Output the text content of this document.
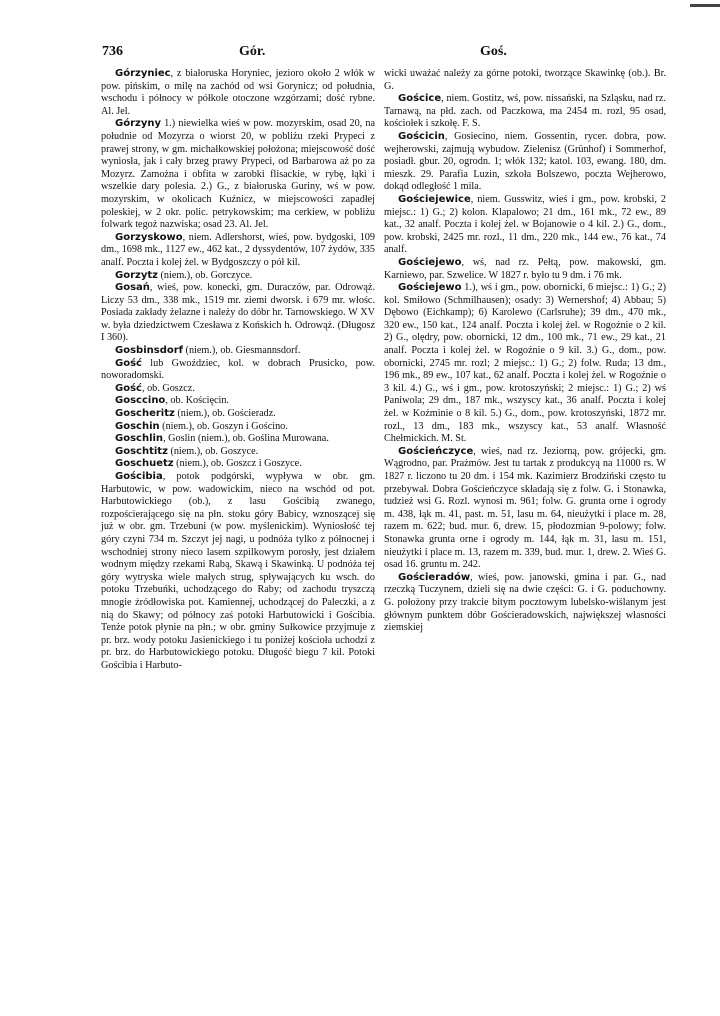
736	Gór.	Goś.

Górzyniec, z białoruska Horyniec, jezioro około 2 włók w pow. pińskim, o milę na zachód od wsi Gorynicz; od południa, wschodu i północy w półkole otoczone wzgórzami; dość rybne. Al. Jel.

Górzyny 1.) niewielka wieś w pow. mozyrskim, osad 20, na południe od Mozyrza o wiorst 20, w pobliżu rzeki Prypeci z prawej strony, w gm. michałkowskiej położona; miejscowość dość wyniosła, jak i cały brzeg prawy Prypeci, od Barbarowa aż po za Mozyrz. Zamożna i obfita w zarobki flisackie, w rybę, łąki i wszelkie dary polesia. 2.) G., z białoruska Guriny, wś w pow. mozyrskim, w okolicach Kuźnicz, w miejscowości zapadłej poleskiej, w 2 okr. polic. petrykowskim; ma cerkiew, w pobliżu folwark tegoż nazwiska; osad 23. Al. Jel.

Gorzyskowo, niem. Adlershorst, wieś, pow. bydgoski, 109 dm., 1698 mk., 1127 ew., 462 kat., 2 dyssydentów, 107 żydów, 335 analf. Poczta i kolej żel. w Bydgoszczy o pół kil.

Gorzytz (niem.), ob. Gorczyce.

Gosań, wieś, pow. konecki, gm. Duraczów, par. Odrowąż. Liczy 53 dm., 338 mk., 1519 mr. ziemi dworsk. i 679 mr. włośc. Posiada zakłady żelazne i należy do dóbr hr. Tarnowskiego. W XV w. była dziedzictwem Czesława z Końskich h. Odrowąż. (Długosz I 360).

Gosbinsdorf (niem.), ob. Giesmannsdorf.

Gość lub Gwoździec, kol. w dobrach Prusicko, pow. noworadomski.

Gość, ob. Goszcz.

Gosccino, ob. Kościęcin.

Goscheritz (niem.), ob. Gościeradz.

Goschin (niem.), ob. Goszyn i Gościno.

Goschlin, Goslin (niem.), ob. Goślina Murowana.

Goschtitz (niem.), ob. Goszyce.

Goschuetz (niem.), ob. Goszcz i Goszyce.

Gościbia, potok podgórski, wypływa w obr. gm. Harbutowic, w pow. wadowickim, nieco na wschód od pot. Harbutowickiego (ob.), z lasu Gościbią zwanego, rozpościerającego się na płn. stoku góry Babicy, wznoszącej się już w obr. gm. Trzebuni (w pow. myślenickim). Wyniosłość tej góry czyni 734 m. Szczyt jej nagi, u podnóża tylko z północnej i wschodniej strony nieco lasem szpilkowym porosły, jest działem wodnym między rzekami Rabą, Skawą i Skawinką. U podnóża tej góry wytryska wiele małych strug, spływających ku wsch. do potoku Trzebuńki, uchodzącego do Raby; od zachodu tryszczą mnogie źródłowiska pot. Kamiennej, uchodzącej do Paleczki, a z nią do Skawy; od północy zaś potoki Harbutowicki i Gościbia. Tenże potok płynie na płn.; w obr. gminy Sułkowice przyjmuje z pr. brz. wody potoku Jasienickiego i tu poniżej kościoła uchodzi z pr. brz. do Harbutowickiego potoku. Długość biegu 7 kil. Potoki Gościbia i Harbuto-

wicki uważać należy za górne potoki, tworzące Skawinkę (ob.). Br. G.

Gościce, niem. Gostitz, wś, pow. nissański, na Szląsku, nad rz. Tarnawą, na płd. zach. od Paczkowa, ma 2454 m. rozl, 95 osad, kościołek i szkołę. F. S.

Gościcin, Gosiecino, niem. Gossentin, rycer. dobra, pow. wejherowski, zajmują wybudow. Zielenisz (Grünhof) i Sommerhof, posiadł. gbur. 20, ogrodn. 1; włók 132; katol. 103, ewang. 180, dm. mieszk. 29. Parafia Luzin, szkoła Bolszewo, poczta Wejherowo, dokąd odległość 1 mila.

Gościejewice, niem. Gusswitz, wieś i gm., pow. krobski, 2 miejsc.: 1) G.; 2) kolon. Klapalowo; 21 dm., 161 mk., 72 ew., 89 kat., 32 analf. Poczta i kolej żel. w Bojanowie o 4 kil. 2.) G., dom., pow. krobski, 2425 mr. rozl., 11 dm., 220 mk., 144 ew., 76 kat., 74 analf.

Gościejewo, wś, nad rz. Pełtą, pow. makowski, gm. Karniewo, par. Szwelice. W 1827 r. było tu 9 dm. i 76 mk.

Gościejewo 1.), wś i gm., pow. obornicki, 6 miejsc.: 1) G.; 2) kol. Smiłowo (Schmilhausen); osady: 3) Wernershof; 4) Abbau; 5) Dębowo (Eichkamp); 6) Karolewo (Carlsruhe); 39 dm., 470 mk., 320 ew., 150 kat., 124 analf. Poczta i kolej żel. w Rogoźnie o 2 kil. 2) G., olędry, pow. obornicki, 12 dm., 100 mk., 71 ew., 29 kat., 21 analf. Poczta i kolej żel. w Rogoźnie o 9 kil. 3.) G., dom., pow. obornicki, 2745 mr. rozl; 2 miejsc.: 1) G.; 2) folw. Ruda; 13 dm., 196 mk., 89 ew., 107 kat., 62 analf. Poczta i kolej żel. w Rogoźnie o 3 kil. 4.) G., wś i gm., pow. krotoszyński; 2 miejsc.: 1) G.; 2) wś Paniwola; 29 dm., 187 mk., wszyscy kat., 36 analf. Poczta i kolej żel. w Koźminie o 8 kil. 5.) G., dom., pow. krotoszyński, 1872 mr. rozl., 13 dm., 183 mk., wszyscy kat., 53 analf. Własność Chełmickich. M. St.

Gościeńczyce, wieś, nad rz. Jeziorną, pow. grójecki, gm. Wągrodno, par. Prażmów. Jest tu tartak z produkcyą na 11000 rs. W 1827 r. liczono tu 20 dm. i 154 mk. Kazimierz Brodziński często tu przebywał. Dobra Gościeńczyce składają się z folw. G. i Stonawka, tudzież wsi G. Rozl. wynosi m. 961; folw. G. grunta orne i ogrody m. 438, łąk m. 41, past. m. 51, lasu m. 64, nieużytki i place m. 28, razem m. 622; bud. mur. 6, drew. 15, płodozmian 9-polowy; folw. Stonawka grunta orne i ogrody m. 144, łąk m. 31, lasu m. 151, nieużytki i place m. 13, razem m. 339, bud. mur. 1, drew. 2. Wieś G. osad 16. gruntu m. 242.

Gościeradów, wieś, pow. janowski, gmina i par. G., nad rzeczką Tuczynem, dzieli się na dwie części: G. i G. poduchowny. G. położony przy trakcie bitym pocztowym lubelsko-wiślanym jest głównym punktem dóbr Gościeradowskich, największej własności ziemskiej
